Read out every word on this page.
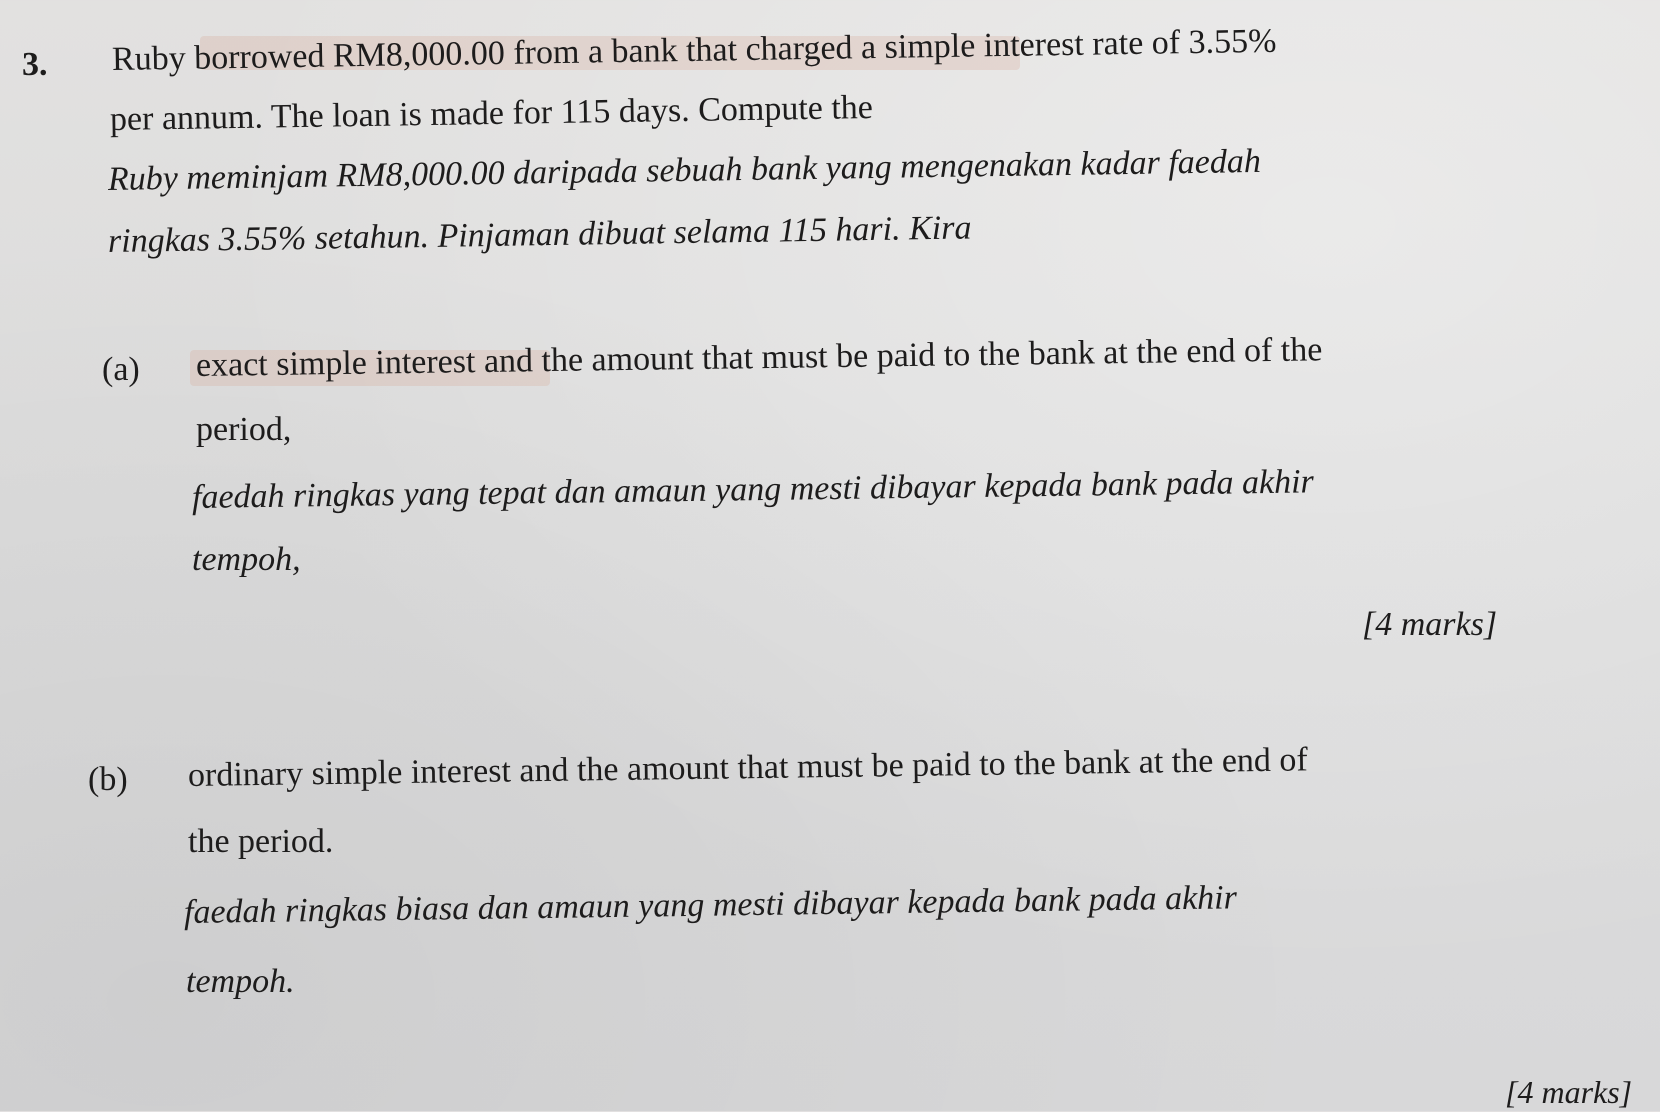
3. Ruby borrowed RM8,000.00 from a bank that charged a simple interest rate of 3.55%
per annum. The loan is made for 115 days. Compute the
Ruby meminjam RM8,000.00 daripada sebuah bank yang mengenakan kadar faedah
ringkas 3.55% setahun. Pinjaman dibuat selama 115 hari. Kira
(a) exact simple interest and the amount that must be paid to the bank at the end of the
period,
faedah ringkas yang tepat dan amaun yang mesti dibayar kepada bank pada akhir
tempoh,
[4 marks]
(b) ordinary simple interest and the amount that must be paid to the bank at the end of
the period.
faedah ringkas biasa dan amaun yang mesti dibayar kepada bank pada akhir
tempoh.
[4 marks]
